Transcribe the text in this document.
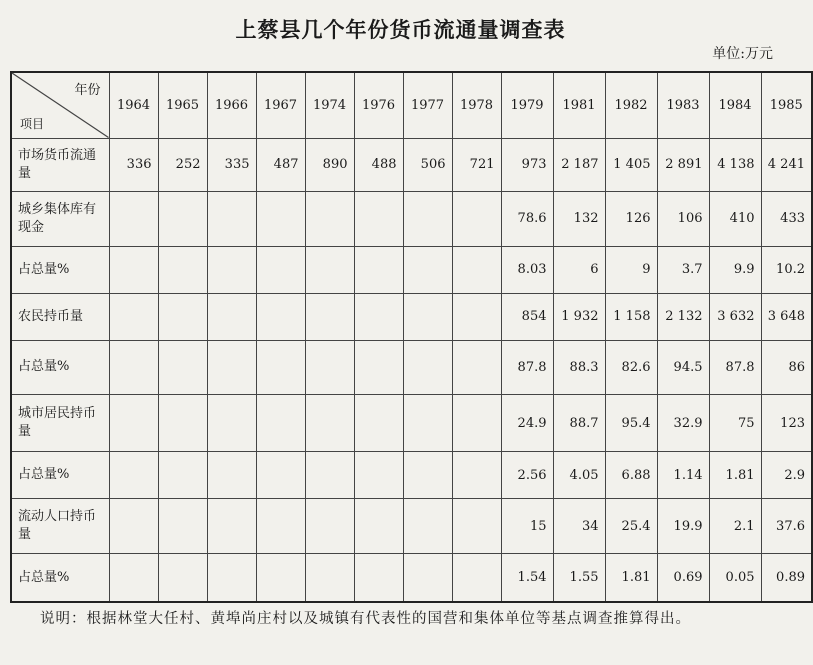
上蔡县几个年份货币流通量调查表
单位:万元
年份
项目	1964	1965	1966	1967	1974	1976	1977	1978	1979	1981	1982	1983	1984	1985
市场货币流通量	336	252	335	487	890	488	506	721	973	2 187	1 405	2 891	4 138	4 241
城乡集体库有现金									78.6	132	126	106	410	433
占总量%									8.03	6	9	3.7	9.9	10.2
农民持币量									854	1 932	1 158	2 132	3 632	3 648
占总量%									87.8	88.3	82.6	94.5	87.8	86
城市居民持币量									24.9	88.7	95.4	32.9	75	123
占总量%									2.56	4.05	6.88	1.14	1.81	2.9
流动人口持币量									15	34	25.4	19.9	2.1	37.6
占总量%									1.54	1.55	1.81	0.69	0.05	0.89
说明：根据林堂大任村、黄埠尚庄村以及城镇有代表性的国营和集体单位等基点调查推算得出。
